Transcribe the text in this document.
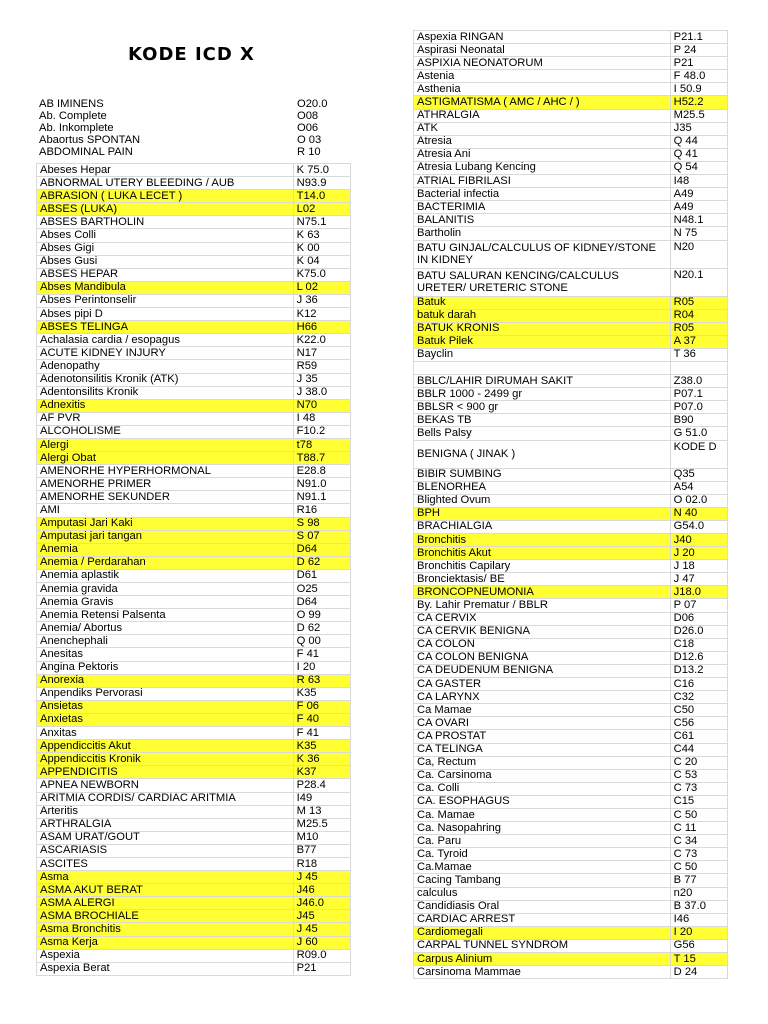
KODE ICD X
AB IMINENS	O20.0
Ab. Complete	O08
Ab. Inkomplete	O06
Abaortus SPONTAN	O 03
ABDOMINAL PAIN	R 10
Abeses Hepar	K 75.0
ABNORMAL UTERY BLEEDING / AUB	N93.9
ABRASION ( LUKA LECET )	T14.0
ABSES (LUKA)	L02
ABSES BARTHOLIN	N75.1
Abses Colli	K 63
Abses Gigi	K 00
Abses Gusi	K 04
ABSES HEPAR	K75.0
Abses Mandibula	L 02
Abses Perintonselir	J 36
Abses pipi D	K12
ABSES TELINGA	H66
Achalasia cardia / esopagus	K22.0
ACUTE KIDNEY INJURY	N17
Adenopathy	R59
Adenotonsilitis Kronik (ATK)	J 35
Adentonsilits Kronik	J 38.0
Adnexitis	N70
AF PVR	I 48
ALCOHOLISME	F10.2
Alergi	t78
Alergi Obat	T88.7
AMENORHE HYPERHORMONAL	E28.8
AMENORHE PRIMER	N91.0
AMENORHE SEKUNDER	N91.1
AMI	R16
Amputasi Jari Kaki	S 98
Amputasi jari tangan	S 07
Anemia	D64
Anemia / Perdarahan	D 62
Anemia aplastik	D61
Anemia gravida	O25
Anemia Gravis	D64
Anemia Retensi Palsenta	O 99
Anemia/ Abortus	D 62
Anenchephali	Q 00
Anesitas	F 41
Angina Pektoris	I 20
Anorexia	R 63
Anpendiks Pervorasi	K35
Ansietas	F 06
Anxietas	F 40
Anxitas	F 41
Appendiccitis Akut	K35
Appendiccitis Kronik	K 36
APPENDICITIS	K37
APNEA NEWBORN	P28.4
ARITMIA CORDIS/ CARDIAC ARITMIA	I49
Arteritis	M 13
ARTHRALGIA	M25.5
ASAM URAT/GOUT	M10
ASCARIASIS	B77
ASCITES	R18
Asma	J 45
ASMA AKUT BERAT	J46
ASMA ALERGI	J46.0
ASMA BROCHIALE	J45
Asma Bronchitis	J 45
Asma Kerja	J 60
Aspexia	R09.0
Aspexia Berat	P21
Aspexia RINGAN	P21.1
Aspirasi Neonatal	P 24
ASPIXIA NEONATORUM	P21
Astenia	F 48.0
Asthenia	I 50.9
ASTIGMATISMA ( AMC / AHC / )	H52.2
ATHRALGIA	M25.5
ATK	J35
Atresia	Q 44
Atresia Ani	Q 41
Atresia Lubang Kencing	Q 54
ATRIAL FIBRILASI	I48
Bacterial infectia	A49
BACTERIMIA	A49
BALANITIS	N48.1
Bartholin	N 75
BATU GINJAL/CALCULUS OF KIDNEY/STONE IN KIDNEY	N20
BATU SALURAN KENCING/CALCULUS URETER/ URETERIC STONE	N20.1
Batuk	R05
batuk darah	R04
BATUK KRONIS	R05
Batuk Pilek	A 37
Bayclin	T 36

BBLC/LAHIR DIRUMAH SAKIT	Z38.0
BBLR 1000 - 2499 gr	P07.1
BBLSR < 900 gr	P07.0
BEKAS TB	B90
Bells Palsy	G 51.0
BENIGNA ( JINAK )	KODE D
BIBIR SUMBING	Q35
BLENORHEA	A54
Blighted Ovum	O 02.0
BPH	N 40
BRACHIALGIA	G54.0
Bronchitis	J40
Bronchitis Akut	J 20
Bronchitis Capilary	J 18
Bronciektasis/ BE	J 47
BRONCOPNEUMONIA	J18.0
By. Lahir Prematur / BBLR	P 07
CA CERVIX	D06
CA CERVIK BENIGNA	D26.0
CA COLON	C18
CA COLON BENIGNA	D12.6
CA DEUDENUM BENIGNA	D13.2
CA GASTER	C16
CA LARYNX	C32
Ca Mamae	C50
CA OVARI	C56
CA PROSTAT	C61
CA TELINGA	C44
Ca, Rectum	C 20
Ca. Carsinoma	C 53
Ca. Colli	C 73
CA. ESOPHAGUS	C15
Ca. Mamae	C 50
Ca. Nasopahring	C 11
Ca. Paru	C 34
Ca. Tyroid	C 73
Ca.Mamae	C 50
Cacing Tambang	B 77
calculus	n20
Candidiasis Oral	B 37.0
CARDIAC ARREST	I46
Cardiomegali	I 20
CARPAL TUNNEL SYNDROM	G56
Carpus Alinium	T 15
Carsinoma Mammae	D 24
